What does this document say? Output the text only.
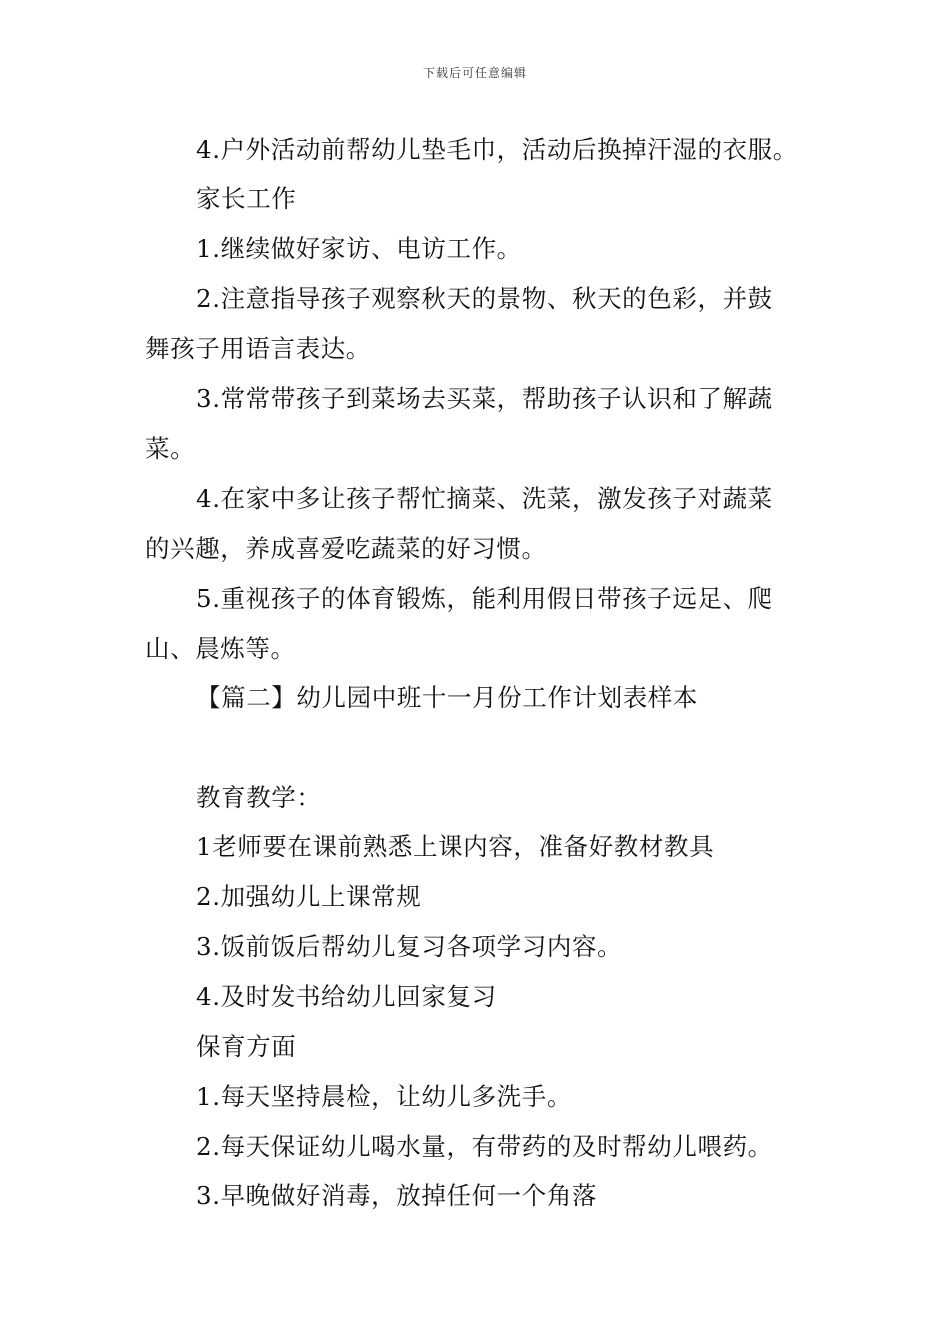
下载后可任意编辑
4.户外活动前帮幼儿垫毛巾，活动后换掉汗湿的衣服。
家长工作
1.继续做好家访、电访工作。
2.注意指导孩子观察秋天的景物、秋天的色彩，并鼓
舞孩子用语言表达。
3.常常带孩子到菜场去买菜，帮助孩子认识和了解蔬
菜。
4.在家中多让孩子帮忙摘菜、洗菜，激发孩子对蔬菜
的兴趣，养成喜爱吃蔬菜的好习惯。
5.重视孩子的体育锻炼，能利用假日带孩子远足、爬
山、晨炼等。
【篇二】幼儿园中班十一月份工作计划表样本
教育教学：
1老师要在课前熟悉上课内容，准备好教材教具
2.加强幼儿上课常规
3.饭前饭后帮幼儿复习各项学习内容。
4.及时发书给幼儿回家复习
保育方面
1.每天坚持晨检，让幼儿多洗手。
2.每天保证幼儿喝水量，有带药的及时帮幼儿喂药。
3.早晚做好消毒，放掉任何一个角落
